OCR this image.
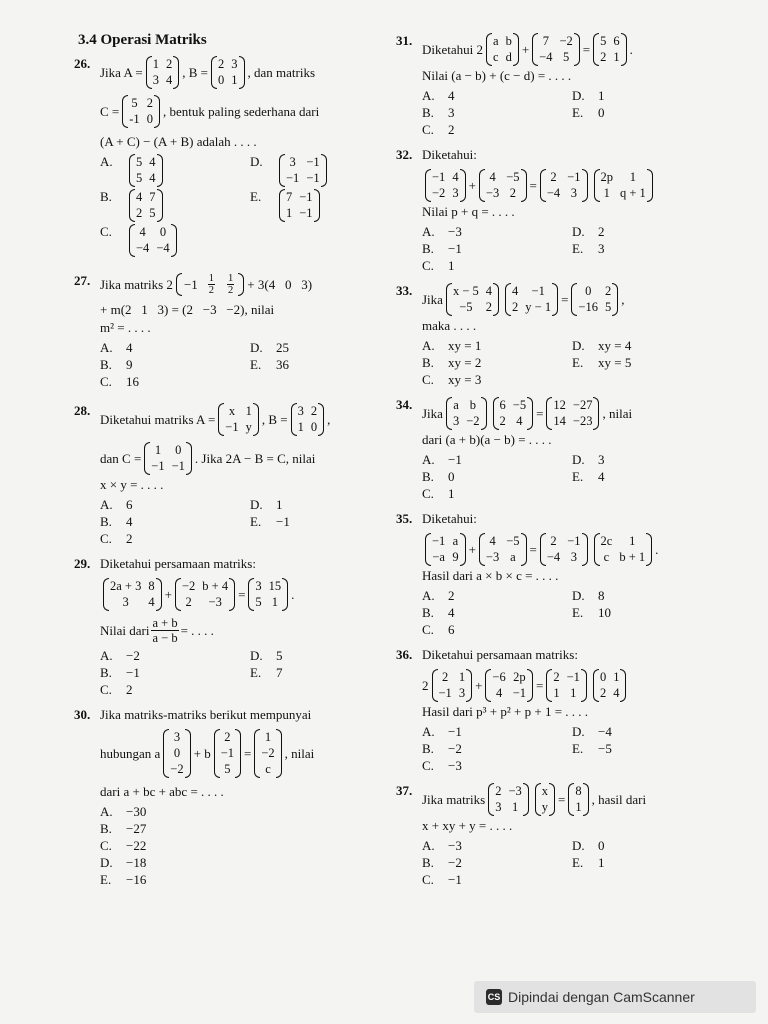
3.4 Operasi Matriks
26.
Jika A =
1 2
3 4
, B =
2 3
0 1
, dan matriks
C =
5 2
-1 0
, bentuk paling sederhana dari
(A + C) − (A + B) adalah . . . .
A.	5 4
5 4
D.	3 −1
−1 −1
B.	4 7
2 5
E.	7 −1
1 −1
C.	4 0
−4 −4
27. Jika matriks $2 -1 \frac{1}{2} \frac{1}{2} + 3(4$   0   3)
+ m(2   1   3) = (2   −3   −2), nilai
m² = . . . .
A.	4	D.	25
B.	9	E.	36
C.	16
28.
Diketahui matriks A =
x 1
−1 y
, B =
3 2
1 0
,
dan C =
1 0
−1 −1
. Jika 2A − B = C, nilai
x × y = . . . .
A.	6	D.	1
B.	4	E.	−1
C.	2
29. Diketahui persamaan matriks:
2a + 3 8
3	4
+
−2 b + 4
2	−3
=
3 15
5 1
.
Nilai dari $\frac{a + b}{a - b}$ = . . . .
A.	−2	D.	5
B.	−1	E.	7
C.	2
30. Jika matriks-matriks berikut mempunyai
hubungan a
3
0
−2
+ b
2
−1
5
=
1
−2
c
, nilai
dari a + bc + abc = . . . .
A.	−30
B.	−27
C.	−22
D.	−18
E.	−16
31.
Diketahui 2
a b
c d
+
7 −2
−4 5
=
5 6
2 1
.
Nilai (a − b) + (c − d) = . . . .
A.	4	D.	1
B.	3	E.	0
C.	2
32. Diketahui:
−1 4
−2 3
+
4 −5
−3 2
=
2 −1
−4 3
2p	1
1 q + 1
Nilai p + q = . . . .
A.	−3	D.	2
B.	−1	E.	3
C.	1
33.
Jika
x − 5 4
−5	2
4	−1
2 y − 1
=
0	2
−16 5
,
maka . . . .
A.	xy = 1	D.	xy = 4
B.	xy = 2	E.	xy = 5
C.	xy = 3
34.
Jika
a b
3 −2
6 −5
2 4
=
12 −27
14 −23
, nilai
dari (a + b)(a − b) = . . . .
A.	−1	D.	3
B.	0	E.	4
C.	1
35. Diketahui:
−1 a
−a 9
+
4 −5
−3 a
=
2 −1
−4 3
2c	1
c b + 1
.
Hasil dari a × b × c = . . . .
A.	2	D.	8
B.	4	E.	10
C.	6
36. Diketahui persamaan matriks:
2
2 1
−1 3
+
−6 2p
4 −1
=
2 −1
1 1
0 1
2 4
Hasil dari p³ + p² + p + 1 = . . . .
A.	−1	D.	−4
B.	−2	E.	−5
C.	−3
37.
Jika matriks
2 −3
3 1
x
y
=
8
1
, hasil dari
x + xy + y = . . . .
A.	−3	D.	0
B.	−2	E.	1
C.	−1
CS Dipindai dengan CamScanner
